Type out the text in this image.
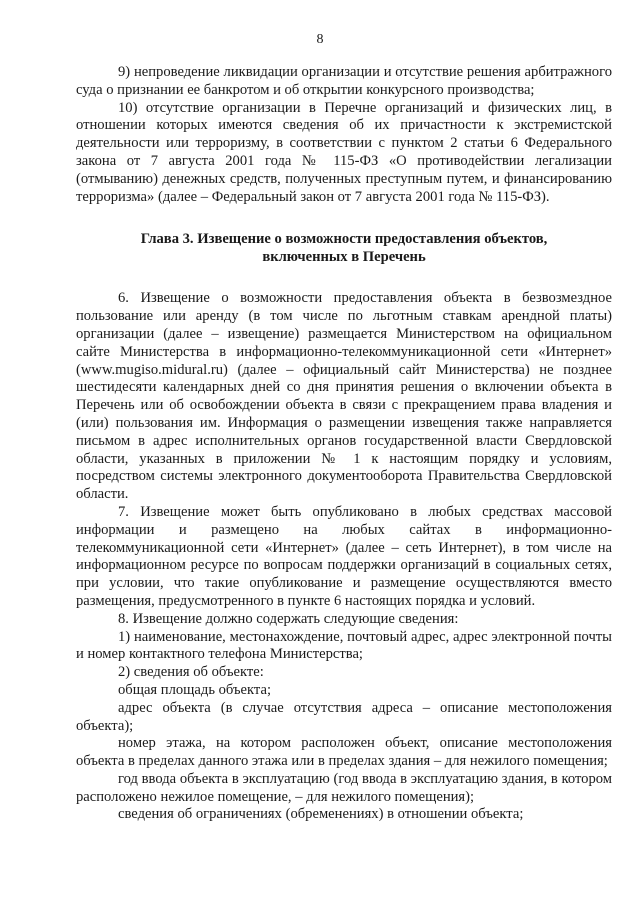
8

9) непроведение ликвидации организации и отсутствие решения арбитражного суда о признании ее банкротом и об открытии конкурсного производства;

10) отсутствие организации в Перечне организаций и физических лиц, в отношении которых имеются сведения об их причастности к экстремистской деятельности или терроризму, в соответствии с пунктом 2 статьи 6 Федерального закона от 7 августа 2001 года № 115-ФЗ «О противодействии легализации (отмыванию) денежных средств, полученных преступным путем, и финансированию терроризма» (далее – Федеральный закон от 7 августа 2001 года № 115-ФЗ).

Глава 3. Извещение о возможности предоставления объектов,
включенных в Перечень

6. Извещение о возможности предоставления объекта в безвозмездное пользование или аренду (в том числе по льготным ставкам арендной платы) организации (далее – извещение) размещается Министерством на официальном сайте Министерства в информационно-телекоммуникационной сети «Интернет» (www.mugiso.midural.ru) (далее – официальный сайт Министерства) не позднее шестидесяти календарных дней со дня принятия решения о включении объекта в Перечень или об освобождении объекта в связи с прекращением права владения и (или) пользования им. Информация о размещении извещения также направляется письмом в адрес исполнительных органов государственной власти Свердловской области, указанных в приложении № 1 к настоящим порядку и условиям, посредством системы электронного документооборота Правительства Свердловской области.

7. Извещение может быть опубликовано в любых средствах массовой информации и размещено на любых сайтах в информационно-телекоммуникационной сети «Интернет» (далее – сеть Интернет), в том числе на информационном ресурсе по вопросам поддержки организаций в социальных сетях, при условии, что такие опубликование и размещение осуществляются вместо размещения, предусмотренного в пункте 6 настоящих порядка и условий.

8. Извещение должно содержать следующие сведения:

1) наименование, местонахождение, почтовый адрес, адрес электронной почты и номер контактного телефона Министерства;

2) сведения об объекте:

общая площадь объекта;

адрес объекта (в случае отсутствия адреса – описание местоположения объекта);

номер этажа, на котором расположен объект, описание местоположения объекта в пределах данного этажа или в пределах здания – для нежилого помещения;

год ввода объекта в эксплуатацию (год ввода в эксплуатацию здания, в котором расположено нежилое помещение, – для нежилого помещения);

сведения об ограничениях (обременениях) в отношении объекта;
